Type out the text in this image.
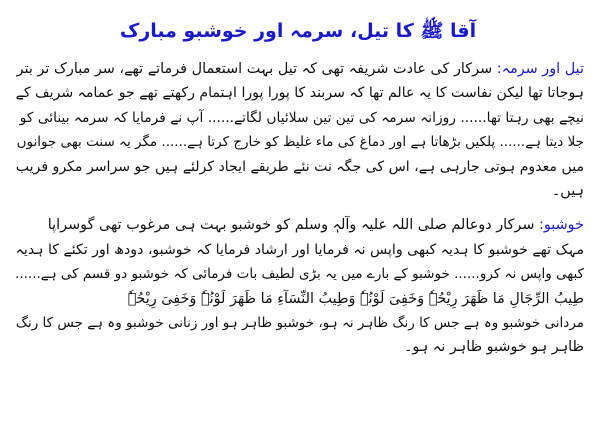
آقا ﷺ کا تیل، سرمہ اور خوشبو مبارک

تیل اور سرمہ: سرکار کی عادت شریفہ تھی کہ تیل بہت استعمال فرماتے تھے، سر مبارک تر بتر
ہوجاتا تھا لیکن نفاست کا یہ عالم تھا کہ سربند کا پورا پورا اہتمام رکھتے تھے جو عمامہ شریف کے
نیچے بھی رہتا تھا...... روزانہ سرمہ کی تین تین سلائیاں لگاتے...... آپ نے فرمایا کہ سرمہ بینائی کو
جلا دیتا ہے...... پلکیں بڑھاتا ہے اور دماغ کی ماء غلیظ کو خارج کرتا ہے...... مگر یہ سنت بھی جوانوں
میں معدوم ہوتی جارہی ہے، اس کی جگہ نت نئے طریقے ایجاد کرلئے ہیں جو سراسر مکرو فریب
ہیں۔

خوشبو: سرکار دوعالم صلی اللہ علیہ وآلہٖ وسلم کو خوشبو بہت ہی مرغوب تھی گوسراپا
مہک تھے خوشبو کا ہدیہ کبھی واپس نہ فرمایا اور ارشاد فرمایا کہ خوشبو، دودھ اور تکئے کا ہدیہ
کبھی واپس نہ کرو...... خوشبو کے بارے میں یہ بڑی لطیف بات فرمائی کہ خوشبو دو قسم کی ہے......
طِیبُ الرِّجَالِ مَا ظَھَرَ رِیْحُہٗ وَخَفِیَ لَوْنُہٗ وَطِیبُ النِّسَآءِ مَا ظَھَرَ لَوْنُہٗ وَخَفِیَ رِیْحُہٗ
مردانی خوشبو وہ ہے جس کا رنگ ظاہر نہ ہو، خوشبو ظاہر ہو اور زنانی خوشبو وہ ہے جس کا رنگ
ظاہر ہو خوشبو ظاہر نہ ہو۔
